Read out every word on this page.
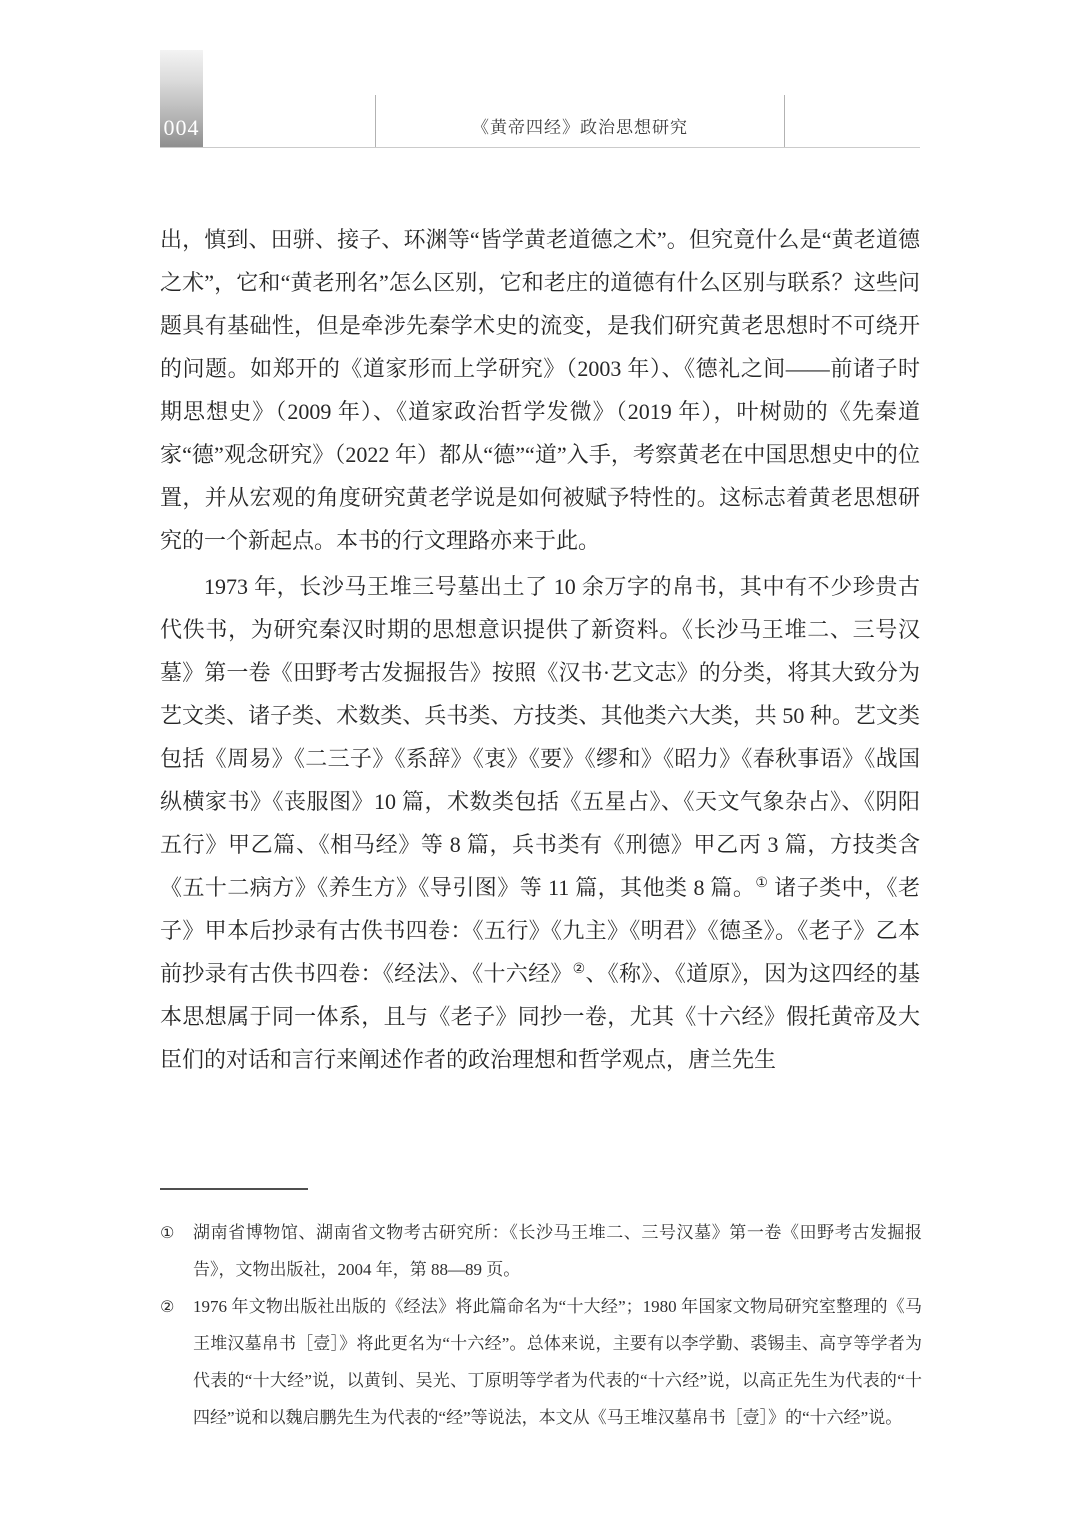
004	《黄帝四经》政治思想研究

出，慎到、田骈、接子、环渊等“皆学黄老道德之术”。但究竟什么是“黄老道德之术”，它和“黄老刑名”怎么区别，它和老庄的道德有什么区别与联系？这些问题具有基础性，但是牵涉先秦学术史的流变，是我们研究黄老思想时不可绕开的问题。如郑开的《道家形而上学研究》（2003 年）、《德礼之间——前诸子时期思想史》（2009 年）、《道家政治哲学发微》（2019 年），叶树勋的《先秦道家“德”观念研究》（2022 年）都从“德”“道”入手，考察黄老在中国思想史中的位置，并从宏观的角度研究黄老学说是如何被赋予特性的。这标志着黄老思想研究的一个新起点。本书的行文理路亦来于此。

1973 年，长沙马王堆三号墓出土了 10 余万字的帛书，其中有不少珍贵古代佚书，为研究秦汉时期的思想意识提供了新资料。《长沙马王堆二、三号汉墓》第一卷《田野考古发掘报告》按照《汉书·艺文志》的分类，将其大致分为艺文类、诸子类、术数类、兵书类、方技类、其他类六大类，共 50 种。艺文类包括《周易》《二三子》《系辞》《衷》《要》《缪和》《昭力》《春秋事语》《战国纵横家书》《丧服图》10 篇，术数类包括《五星占》、《天文气象杂占》、《阴阳五行》甲乙篇、《相马经》等 8 篇，兵书类有《刑德》甲乙丙 3 篇，方技类含《五十二病方》《养生方》《导引图》等 11 篇，其他类 8 篇。① 诸子类中，《老子》甲本后抄录有古佚书四卷：《五行》《九主》《明君》《德圣》。《老子》乙本前抄录有古佚书四卷：《经法》、《十六经》②、《称》、《道原》，因为这四经的基本思想属于同一体系，且与《老子》同抄一卷，尤其《十六经》假托黄帝及大臣们的对话和言行来阐述作者的政治理想和哲学观点，唐兰先生

①	湖南省博物馆、湖南省文物考古研究所：《长沙马王堆二、三号汉墓》第一卷《田野考古发掘报告》，文物出版社，2004 年，第 88—89 页。
②	1976 年文物出版社出版的《经法》将此篇命名为“十大经”；1980 年国家文物局研究室整理的《马王堆汉墓帛书［壹］》将此更名为“十六经”。总体来说，主要有以李学勤、裘锡圭、高亨等学者为代表的“十大经”说，以黄钊、吴光、丁原明等学者为代表的“十六经”说，以高正先生为代表的“十四经”说和以魏启鹏先生为代表的“经”等说法，本文从《马王堆汉墓帛书［壹］》的“十六经”说。
